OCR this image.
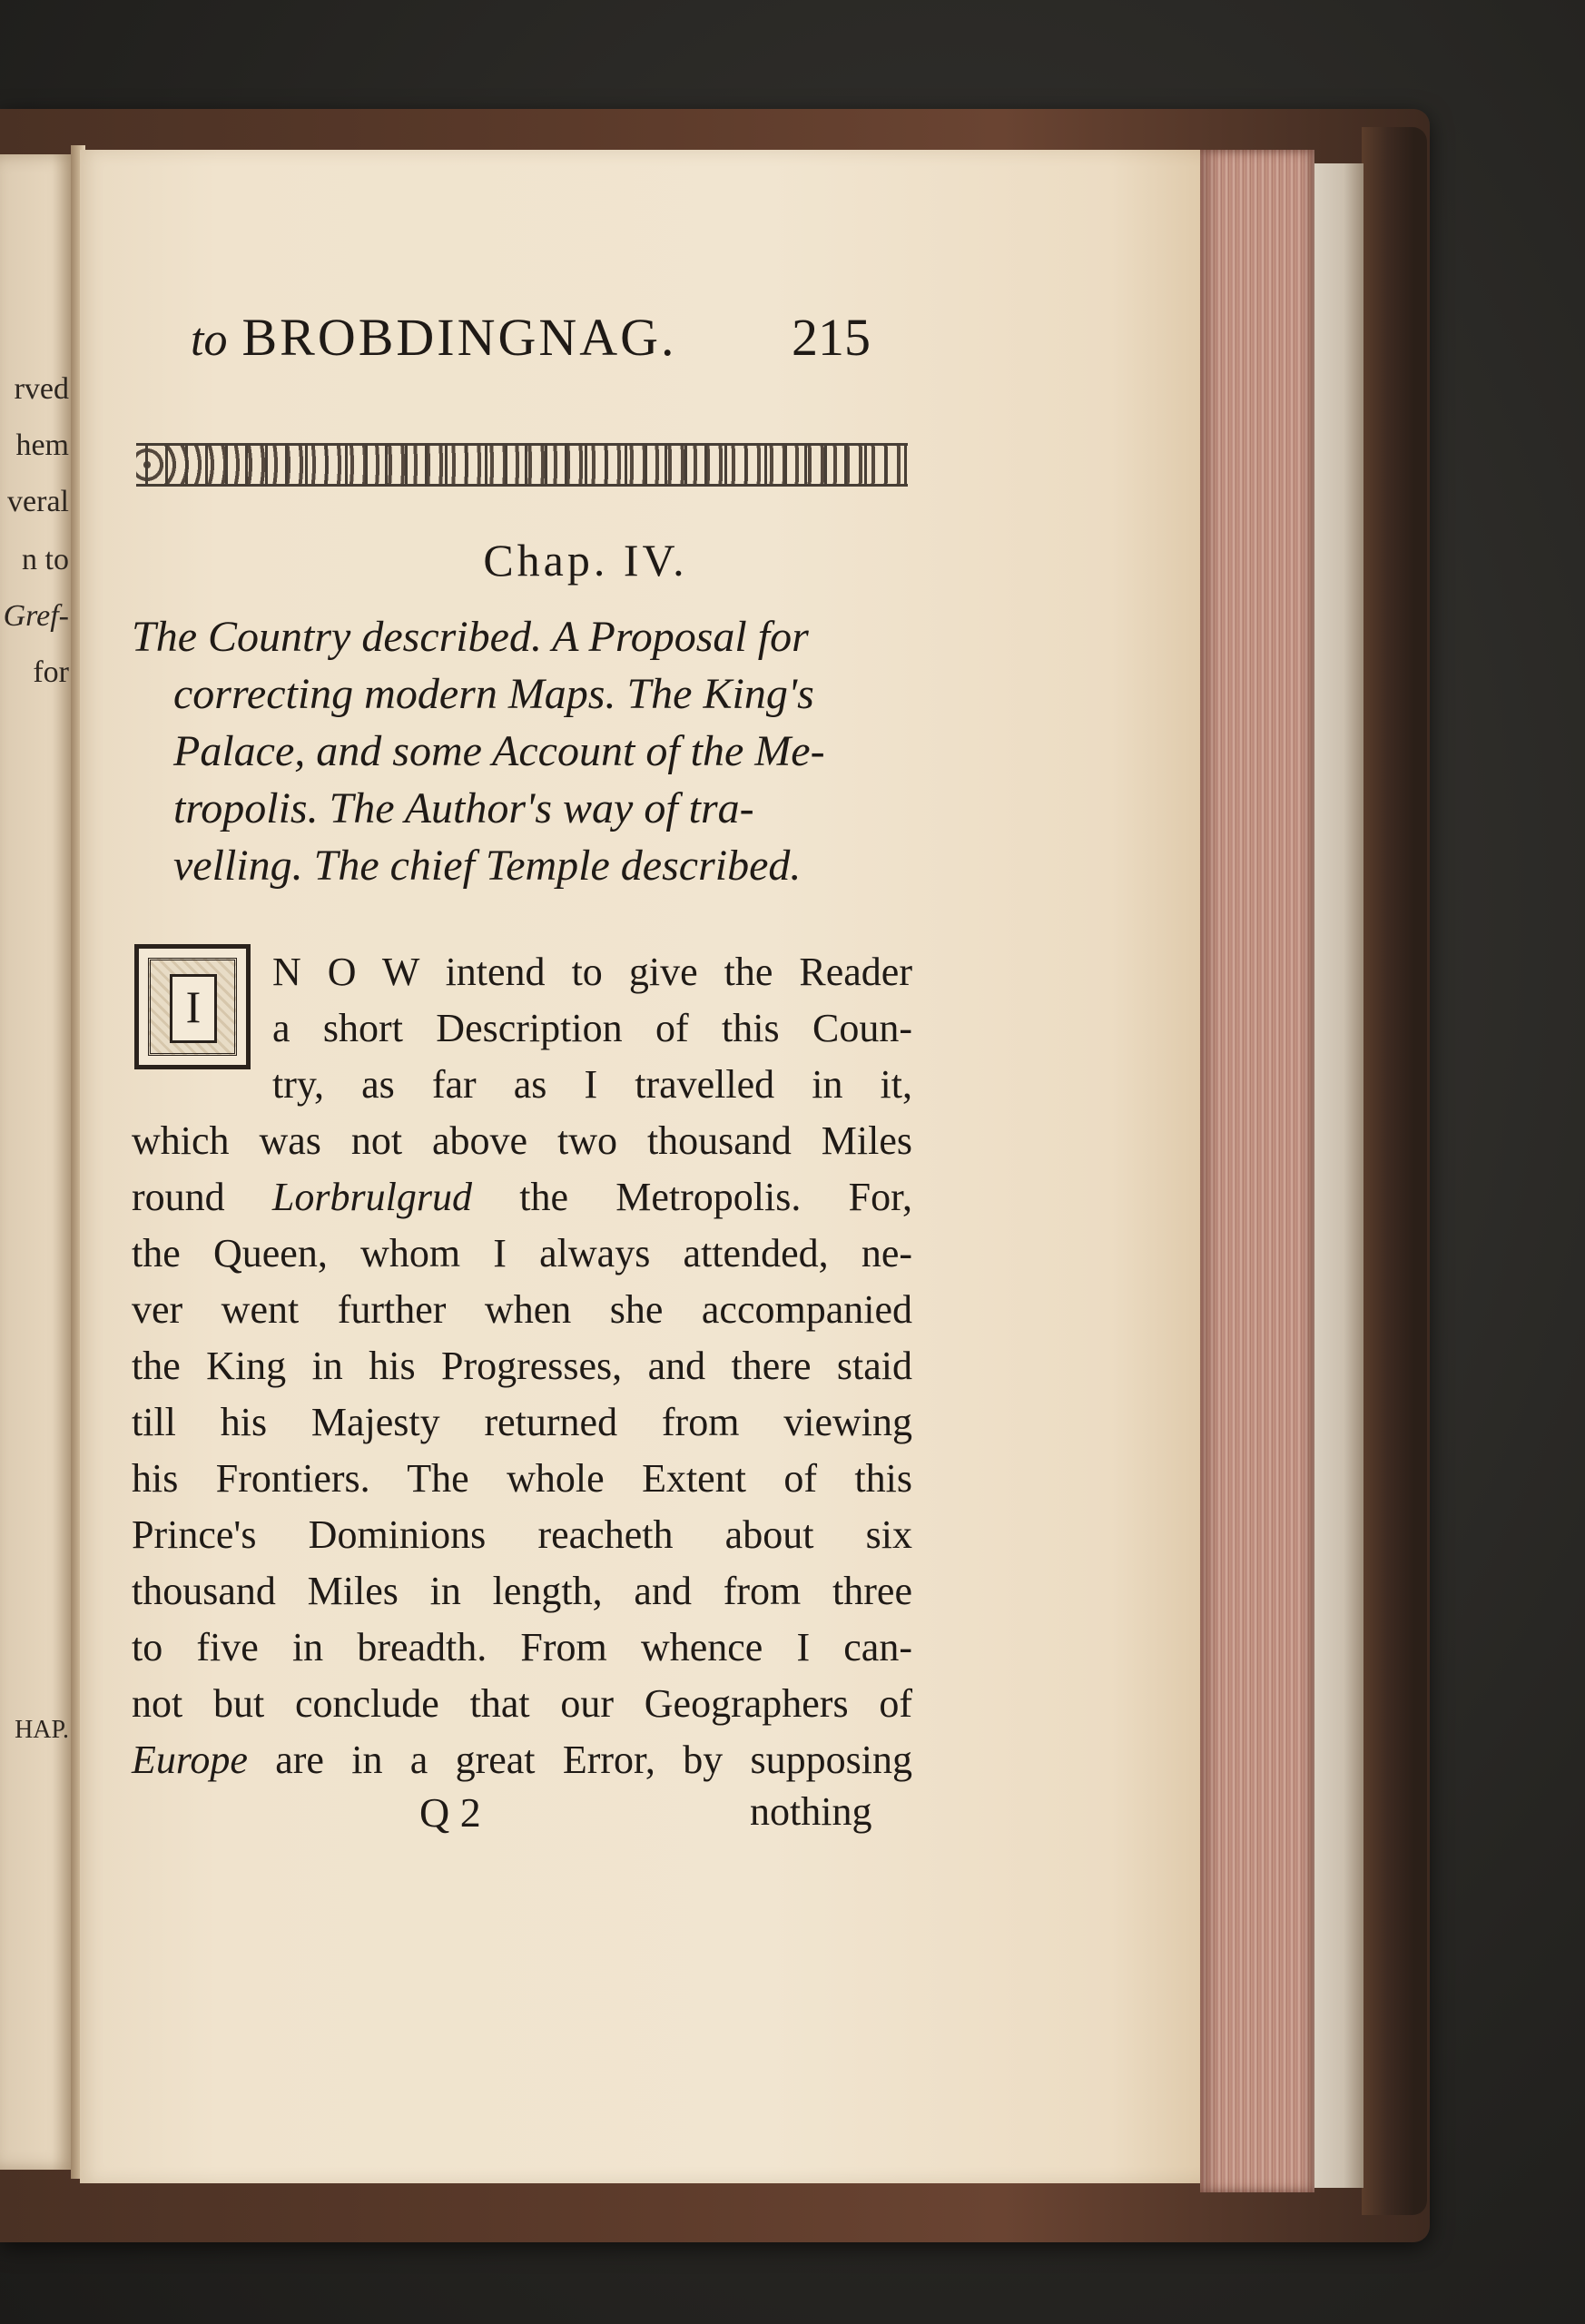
rved
hem
veral
n to
Gref-
for
HAP.
to BROBDINGNAG.	215
Chap. IV.
The Country described. A Proposal for
correcting modern Maps. The King's
Palace, and some Account of the Me-
tropolis. The Author's way of tra-
velling. The chief Temple described.
I
N O W intend to give the Reader
a short Description of this Coun-
try, as far as I travelled in it,
which was not above two thousand Miles
round Lorbrulgrud the Metropolis. For,
the Queen, whom I always attended, ne-
ver went further when she accompanied
the King in his Progresses, and there staid
till his Majesty returned from viewing
his Frontiers. The whole Extent of this
Prince's Dominions reacheth about six
thousand Miles in length, and from three
to five in breadth. From whence I can-
not but conclude that our Geographers of
Europe are in a great Error, by supposing
Q 2	nothing
